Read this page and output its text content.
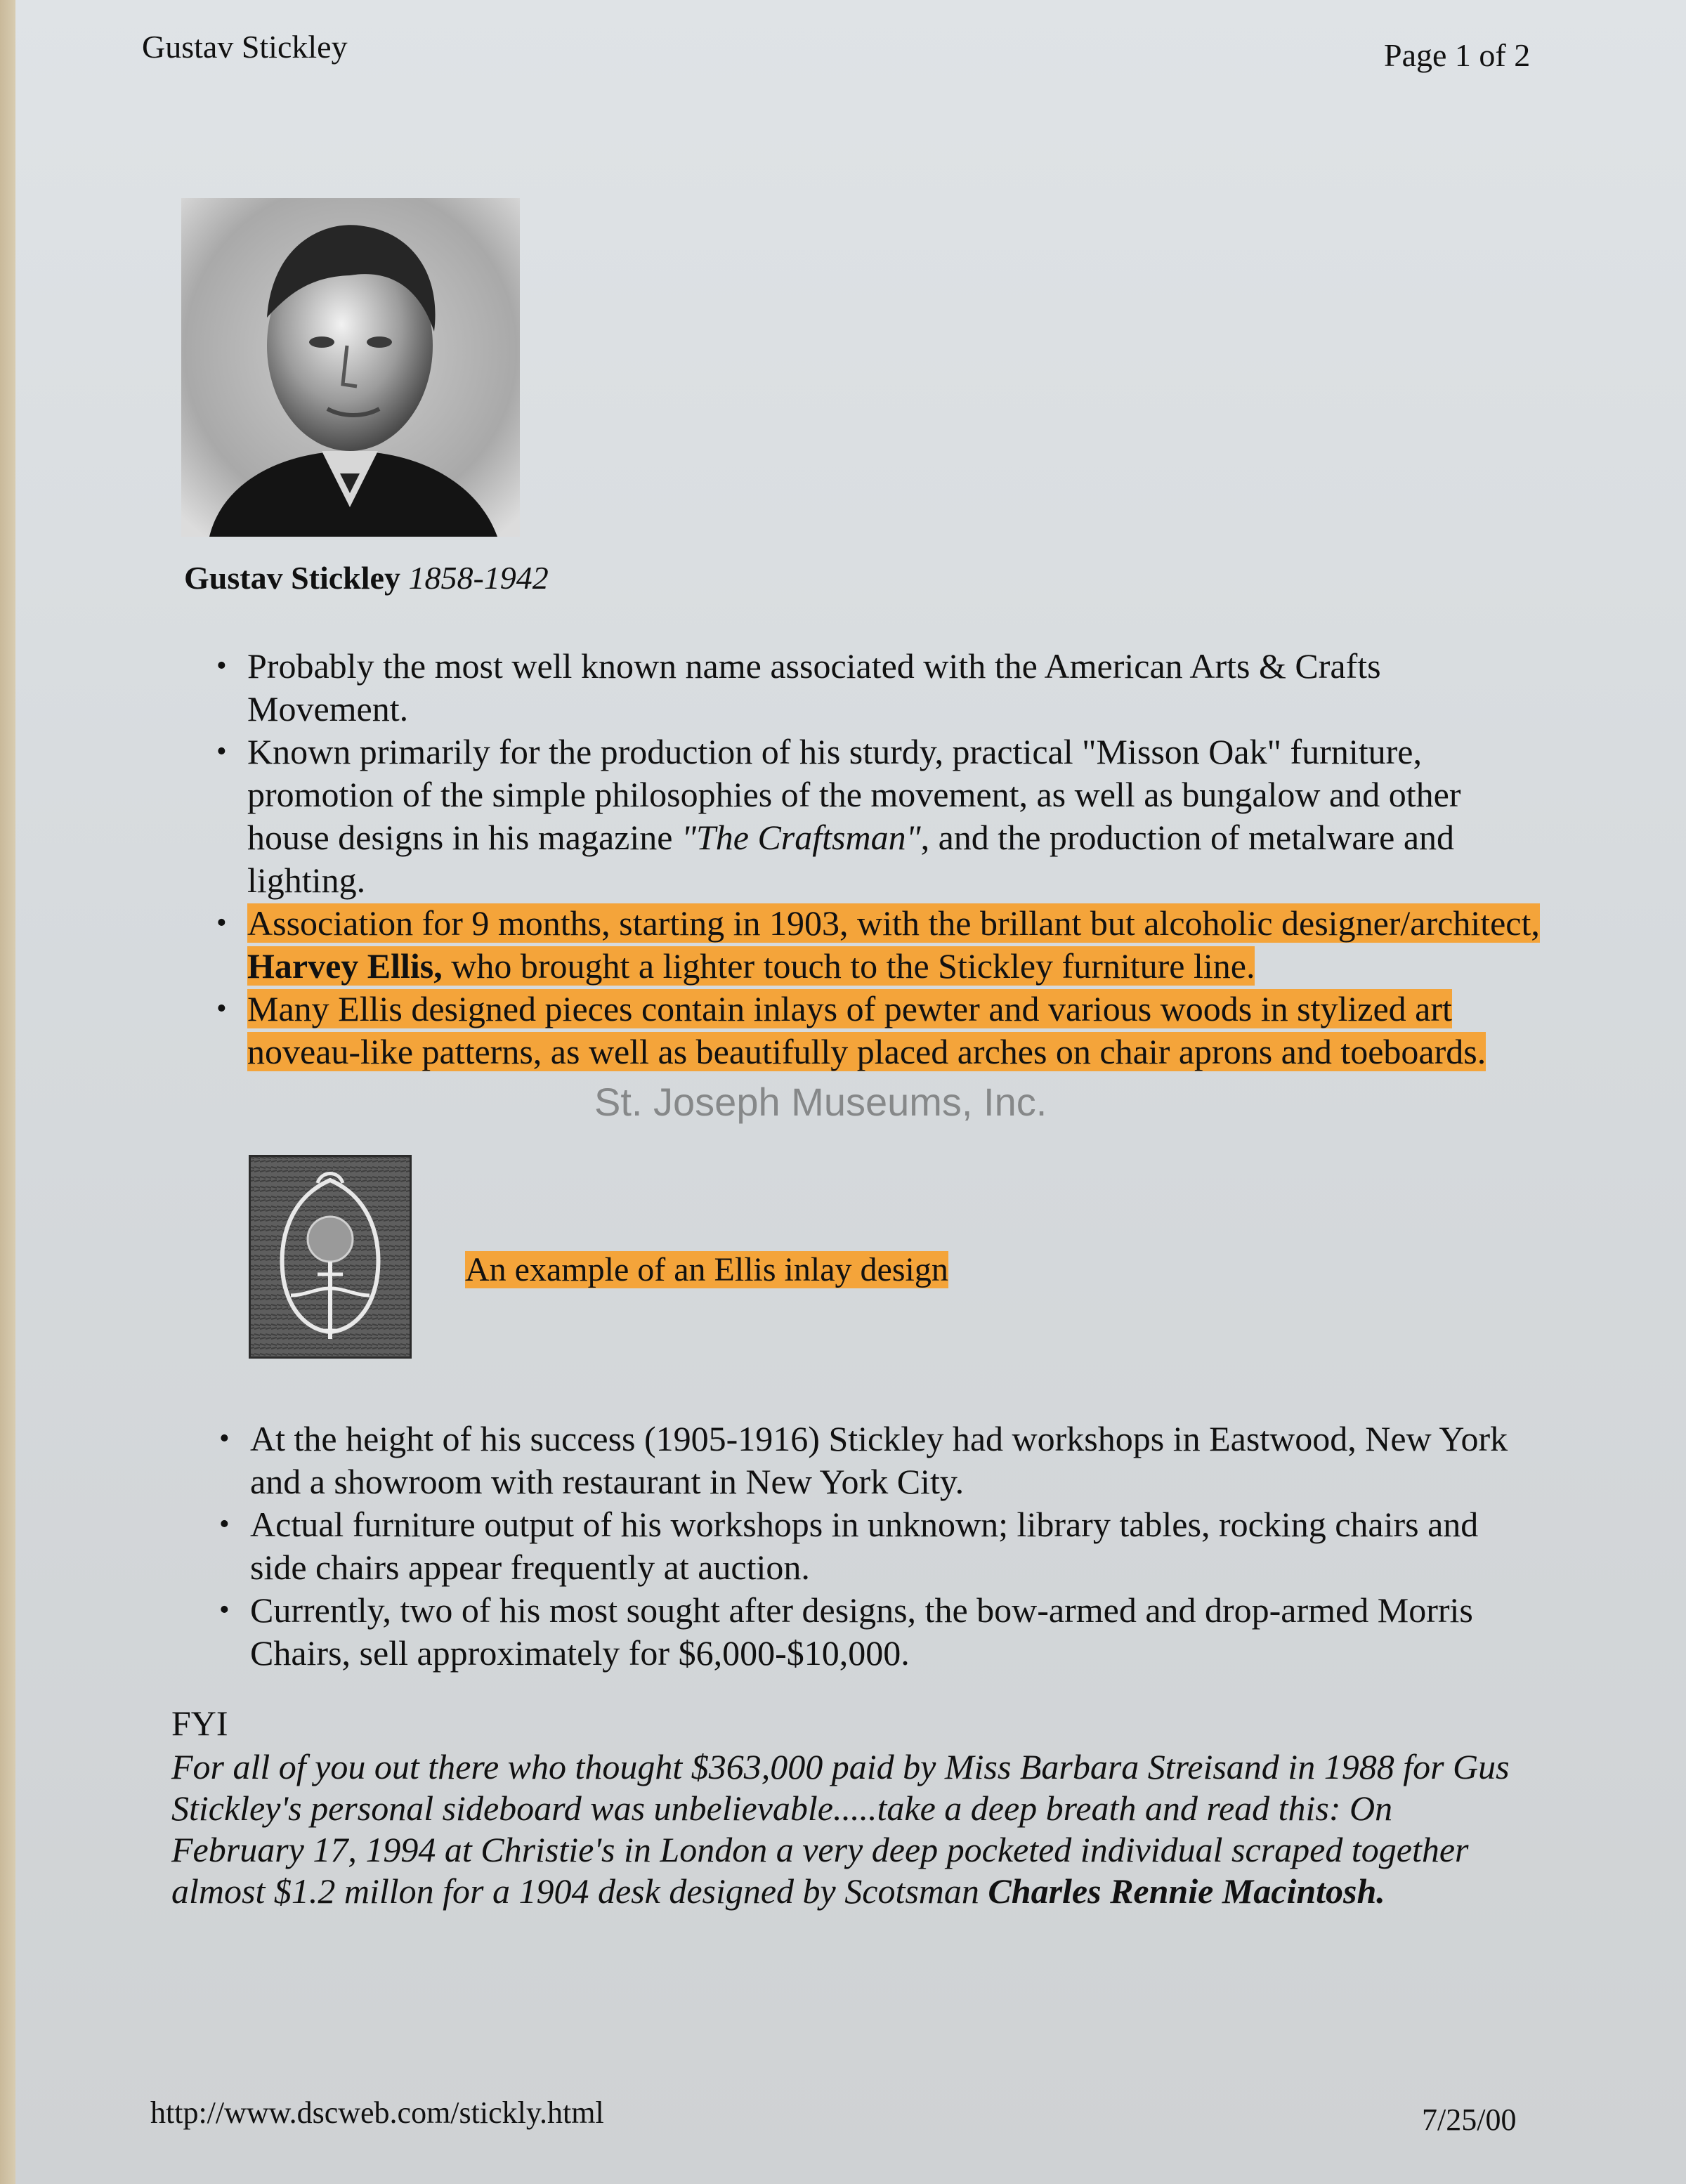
Gustav Stickley	Page 1 of 2
Gustav Stickley 1858-1942
• Probably the most well known name associated with the American Arts & Crafts Movement.
• Known primarily for the production of his sturdy, practical "Misson Oak" furniture, promotion of the simple philosophies of the movement, as well as bungalow and other house designs in his magazine "The Craftsman", and the production of metalware and lighting.
• Association for 9 months, starting in 1903, with the brillant but alcoholic designer/architect, Harvey Ellis, who brought a lighter touch to the Stickley furniture line.
• Many Ellis designed pieces contain inlays of pewter and various woods in stylized art noveau-like patterns, as well as beautifully placed arches on chair aprons and toeboards.
St. Joseph Museums, Inc.
An example of an Ellis inlay design
• At the height of his success (1905-1916) Stickley had workshops in Eastwood, New York and a showroom with restaurant in New York City.
• Actual furniture output of his workshops in unknown; library tables, rocking chairs and side chairs appear frequently at auction.
• Currently, two of his most sought after designs, the bow-armed and drop-armed Morris Chairs, sell approximately for $6,000-$10,000.
FYI
For all of you out there who thought $363,000 paid by Miss Barbara Streisand in 1988 for Gus Stickley's personal sideboard was unbelievable.....take a deep breath and read this: On February 17, 1994 at Christie's in London a very deep pocketed individual scraped together almost $1.2 millon for a 1904 desk designed by Scotsman Charles Rennie Macintosh.
http://www.dscweb.com/stickly.html	7/25/00
